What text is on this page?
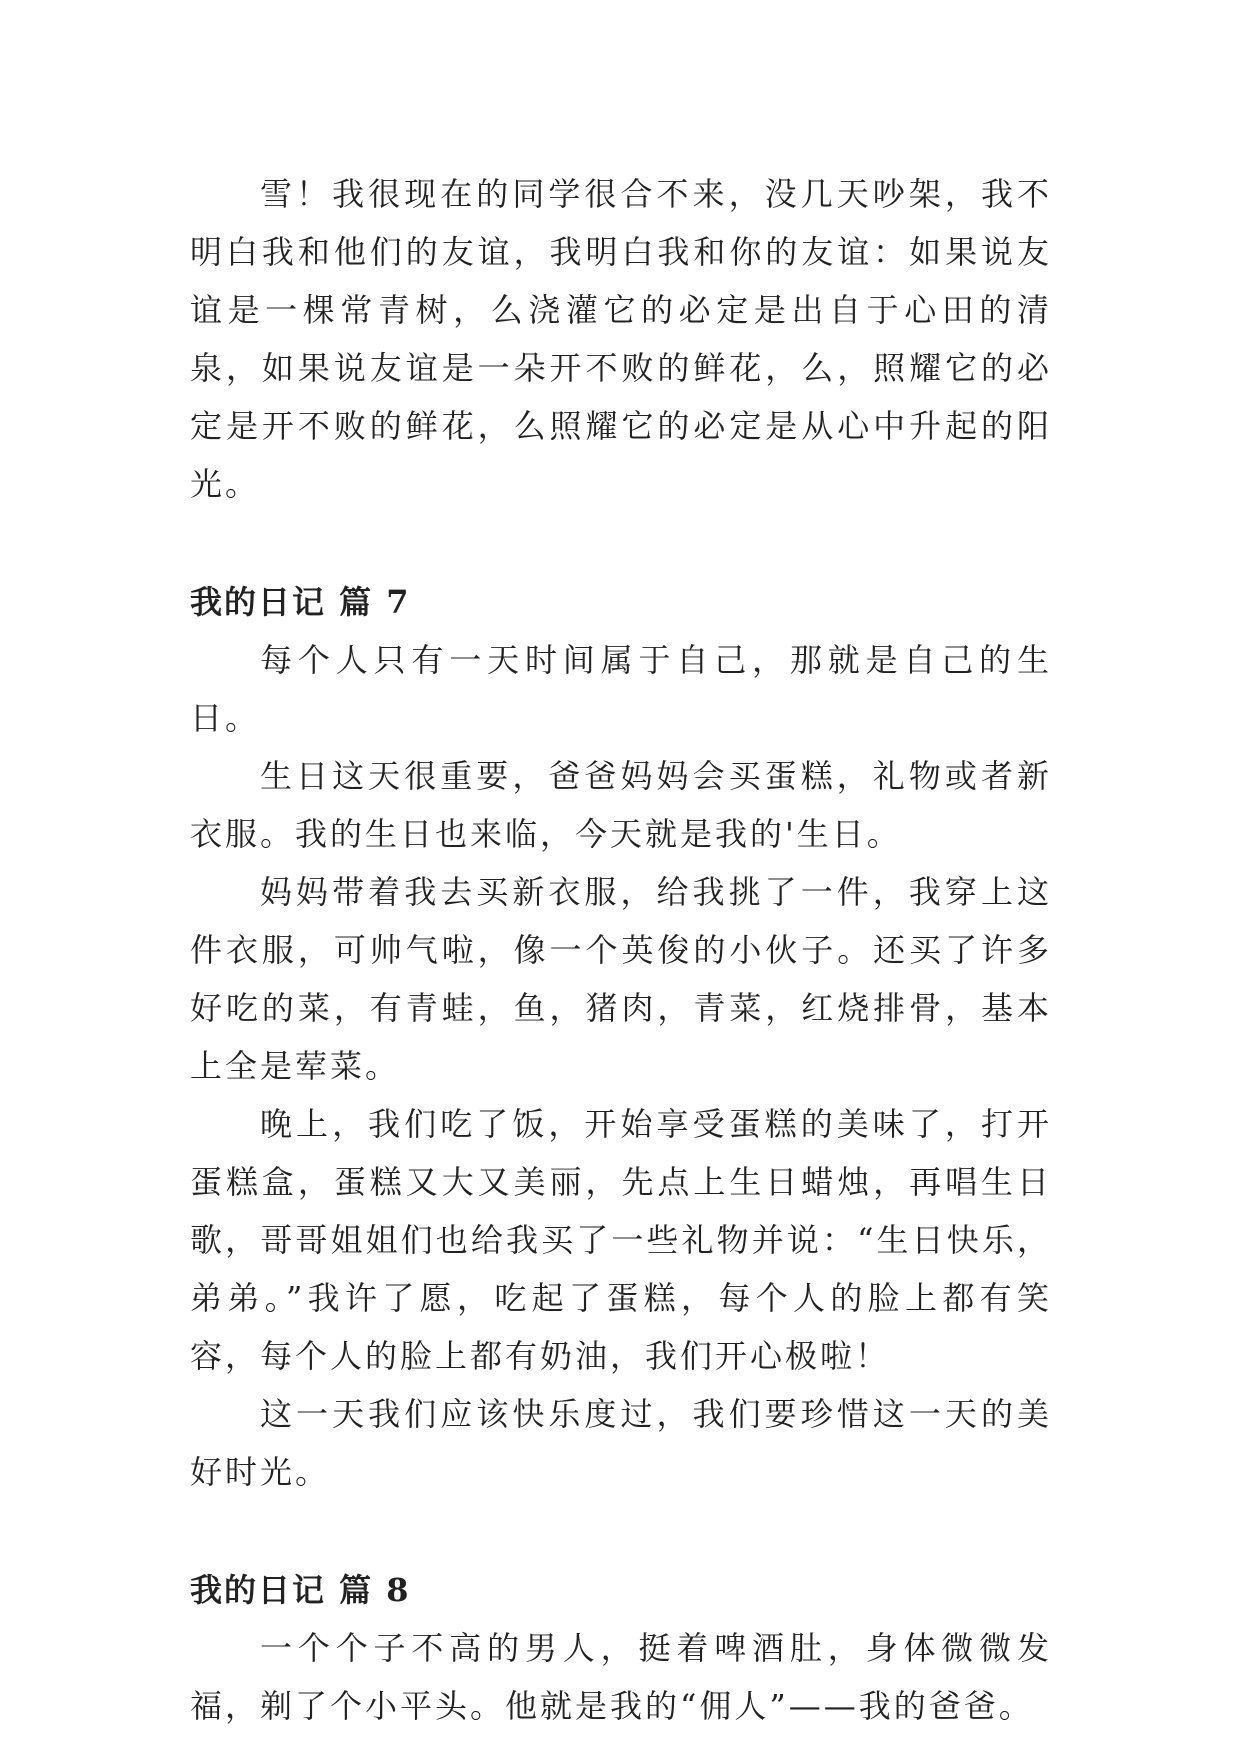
雪！我很现在的同学很合不来，没几天吵架，我不明白我和他们的友谊，我明白我和你的友谊：如果说友谊是一棵常青树，么浇灌它的必定是出自于心田的清泉，如果说友谊是一朵开不败的鲜花，么，照耀它的必定是开不败的鲜花，么照耀它的必定是从心中升起的阳光。

我的日记 篇 7

每个人只有一天时间属于自己，那就是自己的生日。

生日这天很重要，爸爸妈妈会买蛋糕，礼物或者新衣服。我的生日也来临，今天就是我的'生日。

妈妈带着我去买新衣服，给我挑了一件，我穿上这件衣服，可帅气啦，像一个英俊的小伙子。还买了许多好吃的菜，有青蛙，鱼，猪肉，青菜，红烧排骨，基本上全是荤菜。

晚上，我们吃了饭，开始享受蛋糕的美味了，打开蛋糕盒，蛋糕又大又美丽，先点上生日蜡烛，再唱生日歌，哥哥姐姐们也给我买了一些礼物并说：“生日快乐，弟弟。”我许了愿，吃起了蛋糕，每个人的脸上都有笑容，每个人的脸上都有奶油，我们开心极啦！

这一天我们应该快乐度过，我们要珍惜这一天的美好时光。

我的日记 篇 8

一个个子不高的男人，挺着啤酒肚，身体微微发福，剃了个小平头。他就是我的“佣人”——我的爸爸。
